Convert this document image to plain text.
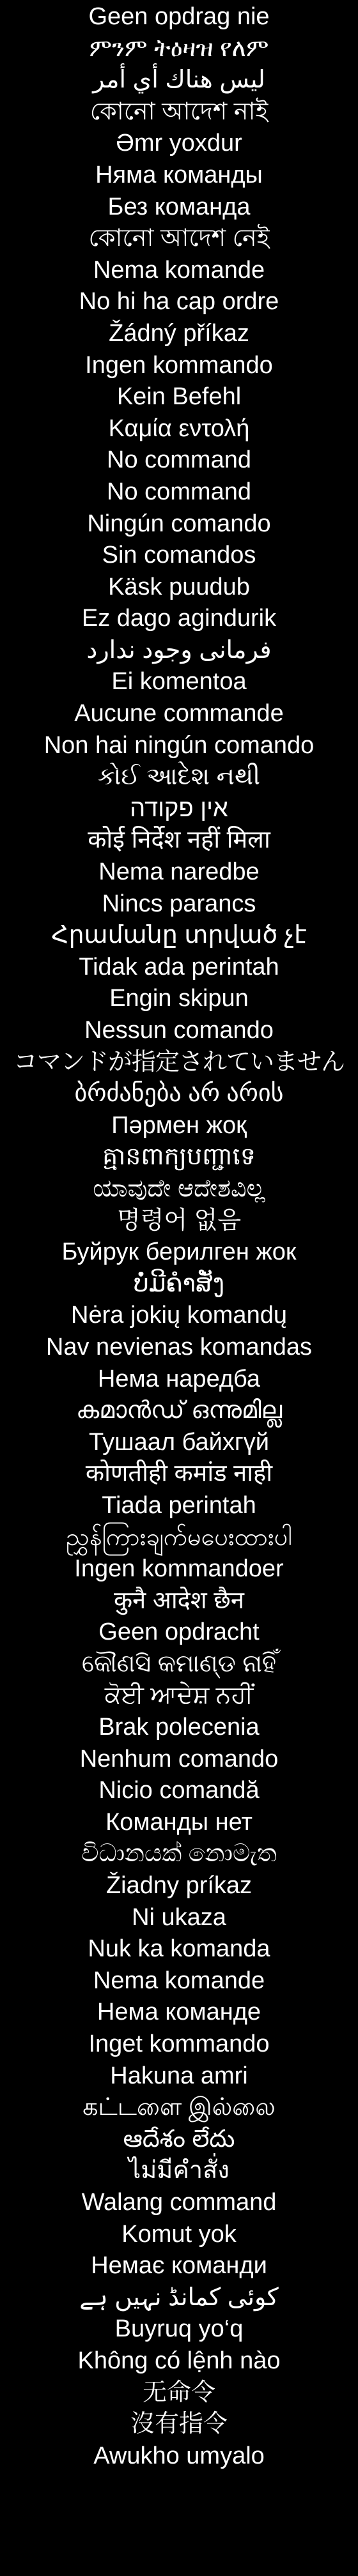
Geen opdrag nie
ምንም ትዕዛዝ የለም
ليس هناك أي أمر
কোনো আদেশ নাই
Əmr yoxdur
Няма команды
Без команда
কোনো আদেশ নেই
Nema komande
No hi ha cap ordre
Žádný příkaz
Ingen kommando
Kein Befehl
Καμία εντολή
No command
No command
Ningún comando
Sin comandos
Käsk puudub
Ez dago agindurik
فرمانی وجود ندارد
Ei komentoa
Aucune commande
Non hai ningún comando
કોઈ આદેશ નથી
אין פקודה
कोई निर्देश नहीं मिला
Nema naredbe
Nincs parancs
Հրամանը տրված չէ
Tidak ada perintah
Engin skipun
Nessun comando
コマンドが指定されていません
ბრძანება არ არის
Пәрмен жоқ
គ្មានពាក្យបញ្ជាទេ
ಯಾವುದೇ ಆದೇಶವಿಲ್ಲ
명령어 없음
Буйрук берилген жок
ບໍ່ມີຄຳສັ່ງ
Nėra jokių komandų
Nav nevienas komandas
Нема наредба
കമാൻഡ് ഒന്നുമില്ല
Тушаал байхгүй
कोणतीही कमांड नाही
Tiada perintah
ညွှန်ကြားချက်မပေးထားပါ
Ingen kommandoer
कुनै आदेश छैन
Geen opdracht
କୌଣସି କମାଣ୍ଡ ନାହିଁ
ਕੋਈ ਆਦੇਸ਼ ਨਹੀਂ
Brak polecenia
Nenhum comando
Nicio comandă
Команды нет
විධානයක් නොමැත
Žiadny príkaz
Ni ukaza
Nuk ka komanda
Nema komande
Нема команде
Inget kommando
Hakuna amri
கட்டளை இல்லை
ఆదేశం లేదు
ไม่มีคำสั่ง
Walang command
Komut yok
Немає команди
کوئی کمانڈ نہیں ہے
Buyruq yo‘q
Không có lệnh nào
无命令
沒有指令
Awukho umyalo
